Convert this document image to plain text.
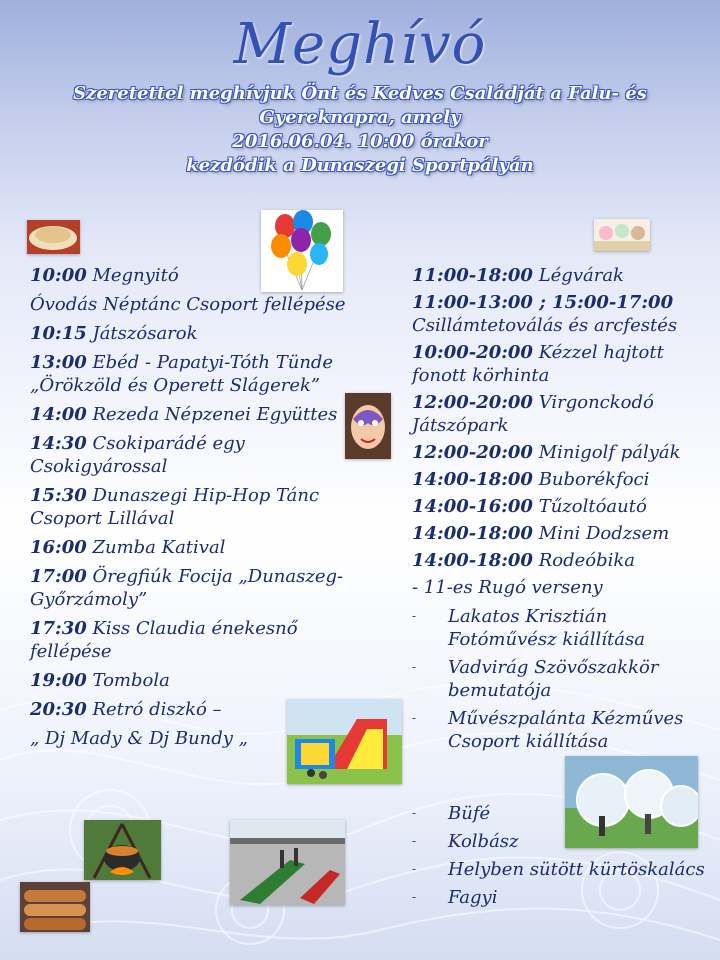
Meghívó
Szeretettel meghívjuk Önt és Kedves Családját a Falu- és
Gyereknapra, amely
2016.06.04. 10:00 órakor
kezdődik a Dunaszegi Sportpályán
10:00 Megnyitó
Óvodás Néptánc Csoport fellépése
10:15 Játszósarok
13:00 Ebéd - Papatyi-Tóth Tünde „Örökzöld és Operett Slágerek”
14:00 Rezeda Népzenei Együttes
14:30 Csokiparádé egy Csokigyárossal
15:30 Dunaszegi Hip-Hop Tánc Csoport Lillával
16:00 Zumba Katival
17:00 Öregfiúk Focija „Dunaszeg-Győrzámoly”
17:30 Kiss Claudia énekesnő fellépése
19:00 Tombola
20:30 Retró diszkó –
„ Dj Mady & Dj Bundy „
11:00-18:00 Légvárak
11:00-13:00 ; 15:00-17:00 Csillámtetoválás és arcfestés
10:00-20:00 Kézzel hajtott fonott körhinta
12:00-20:00 Virgonckodó Játszópark
12:00-20:00 Minigolf pályák
14:00-18:00 Buborékfoci
14:00-16:00 Tűzoltóautó
14:00-18:00 Mini Dodzsem
14:00-18:00 Rodeóbika
- 11-es Rugó verseny
- Lakatos Krisztián Fotóművész kiállítása
- Vadvirág Szövőszakkör bemutatója
- Művészpalánta Kézműves Csoport kiállítása
- Büfé
- Kolbász
- Helyben sütött kürtöskalács
- Fagyi
